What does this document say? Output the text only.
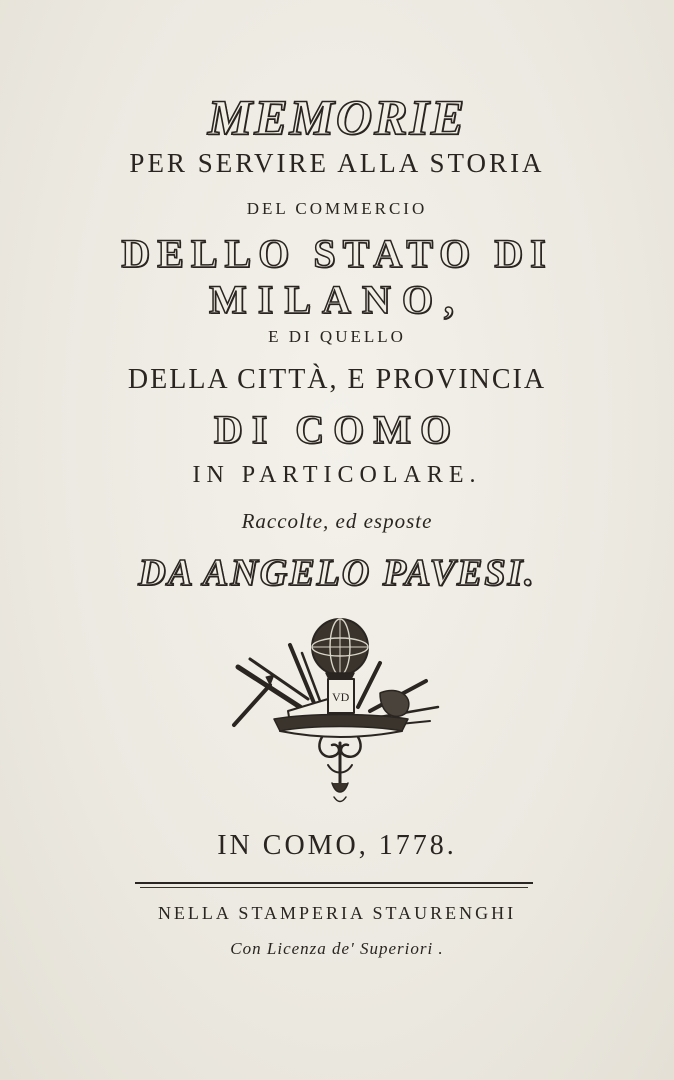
MEMORIE
PER SERVIRE ALLA STORIA
DEL COMMERCIO
DELLO STATO DI
MILANO,
E DI QUELLO
DELLA CITTÀ, E PROVINCIA
DI COMO
IN PARTICOLARE.
Raccolte, ed esposte
DA ANGELO PAVESI.
VD
IN COMO, 1778.
NELLA STAMPERIA STAURENGHI
Con Licenza de' Superiori .
